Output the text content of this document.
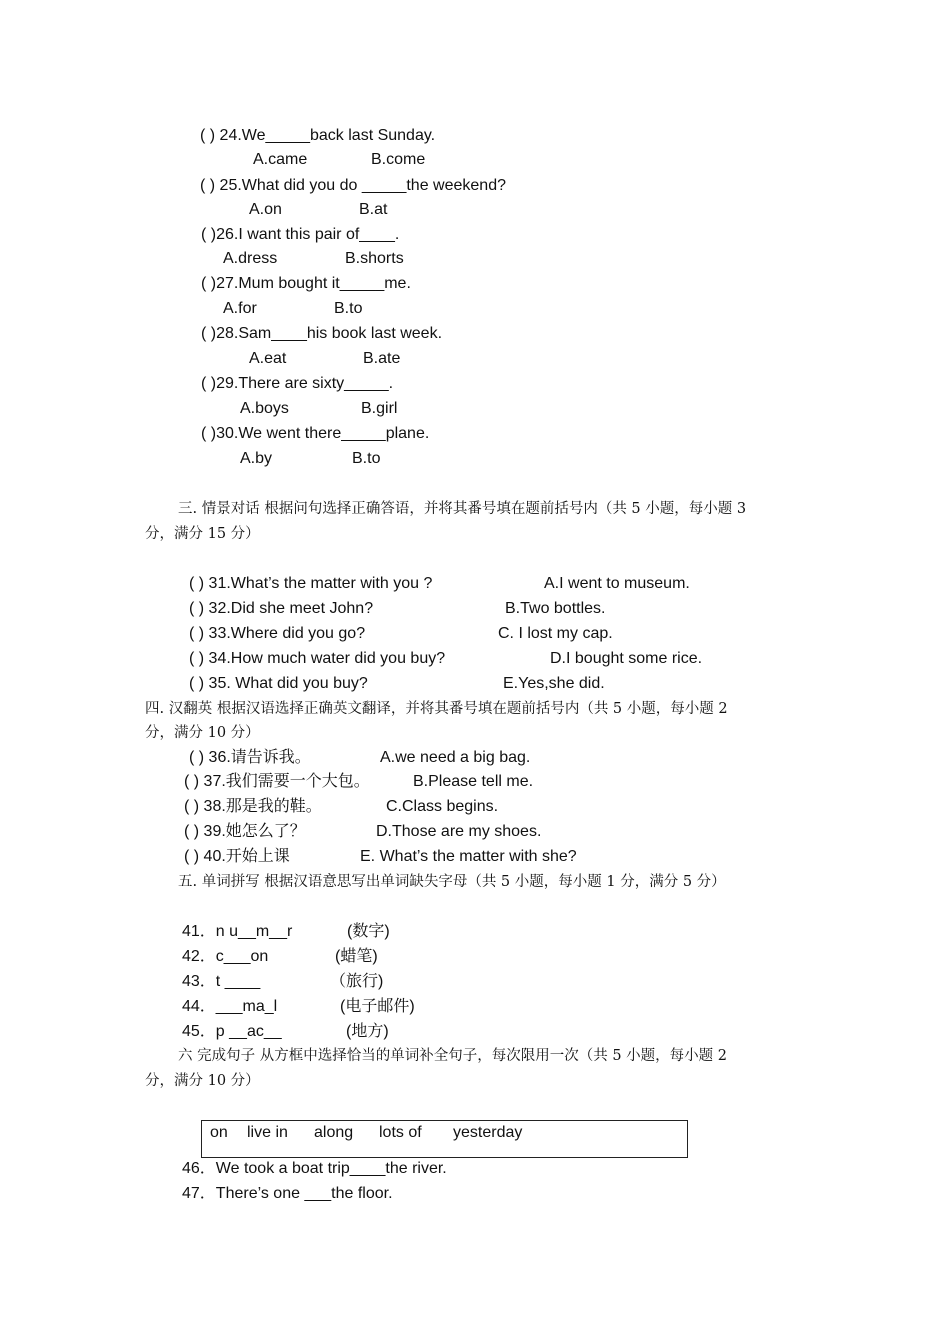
( ) 24.We_____back last Sunday.
A.came	B.come
( ) 25.What did you do _____the weekend?
A.on	B.at
( )26.I want this pair of____.
A.dress	B.shorts
( )27.Mum bought it_____me.
A.for	B.to
( )28.Sam____his book last week.
A.eat	B.ate
( )29.There are sixty_____.
A.boys	B.girl
( )30.We went there_____plane.
A.by	B.to
三. 情景对话 根据问句选择正确答语，并将其番号填在题前括号内（共 5 小题，每小题 3
分，满分 15 分）
( ) 31.What’s the matter with you ?	A.I went to museum.
( ) 32.Did she meet John?	B.Two bottles.
( ) 33.Where did you go?	C. I lost my cap.
( ) 34.How much water did you buy?	D.I bought some rice.
( ) 35. What did you buy?	E.Yes,she did.
四. 汉翻英 根据汉语选择正确英文翻译，并将其番号填在题前括号内（共 5 小题，每小题 2
分，满分 10 分）
( ) 36.请告诉我。	A.we need a big bag.
( ) 37.我们需要一个大包。	B.Please tell me.
( ) 38.那是我的鞋。	C.Class begins.
( ) 39.她怎么了？	D.Those are my shoes.
( ) 40.开始上课	E. What’s the matter with she?
五. 单词拼写 根据汉语意思写出单词缺失字母（共 5 小题，每小题 1 分，满分 5 分）
41．n u__m__r	(数字)
42．c___on	(蜡笔)
43．t ____	（旅行)
44．___ma_l	(电子邮件)
45．p __ac__	(地方)
六 完成句子 从方框中选择恰当的单词补全句子，每次限用一次（共 5 小题，每小题 2
分，满分 10 分）
on live in along lots of yesterday
46．We took a boat trip____the river.
47．There’s one ___the floor.
